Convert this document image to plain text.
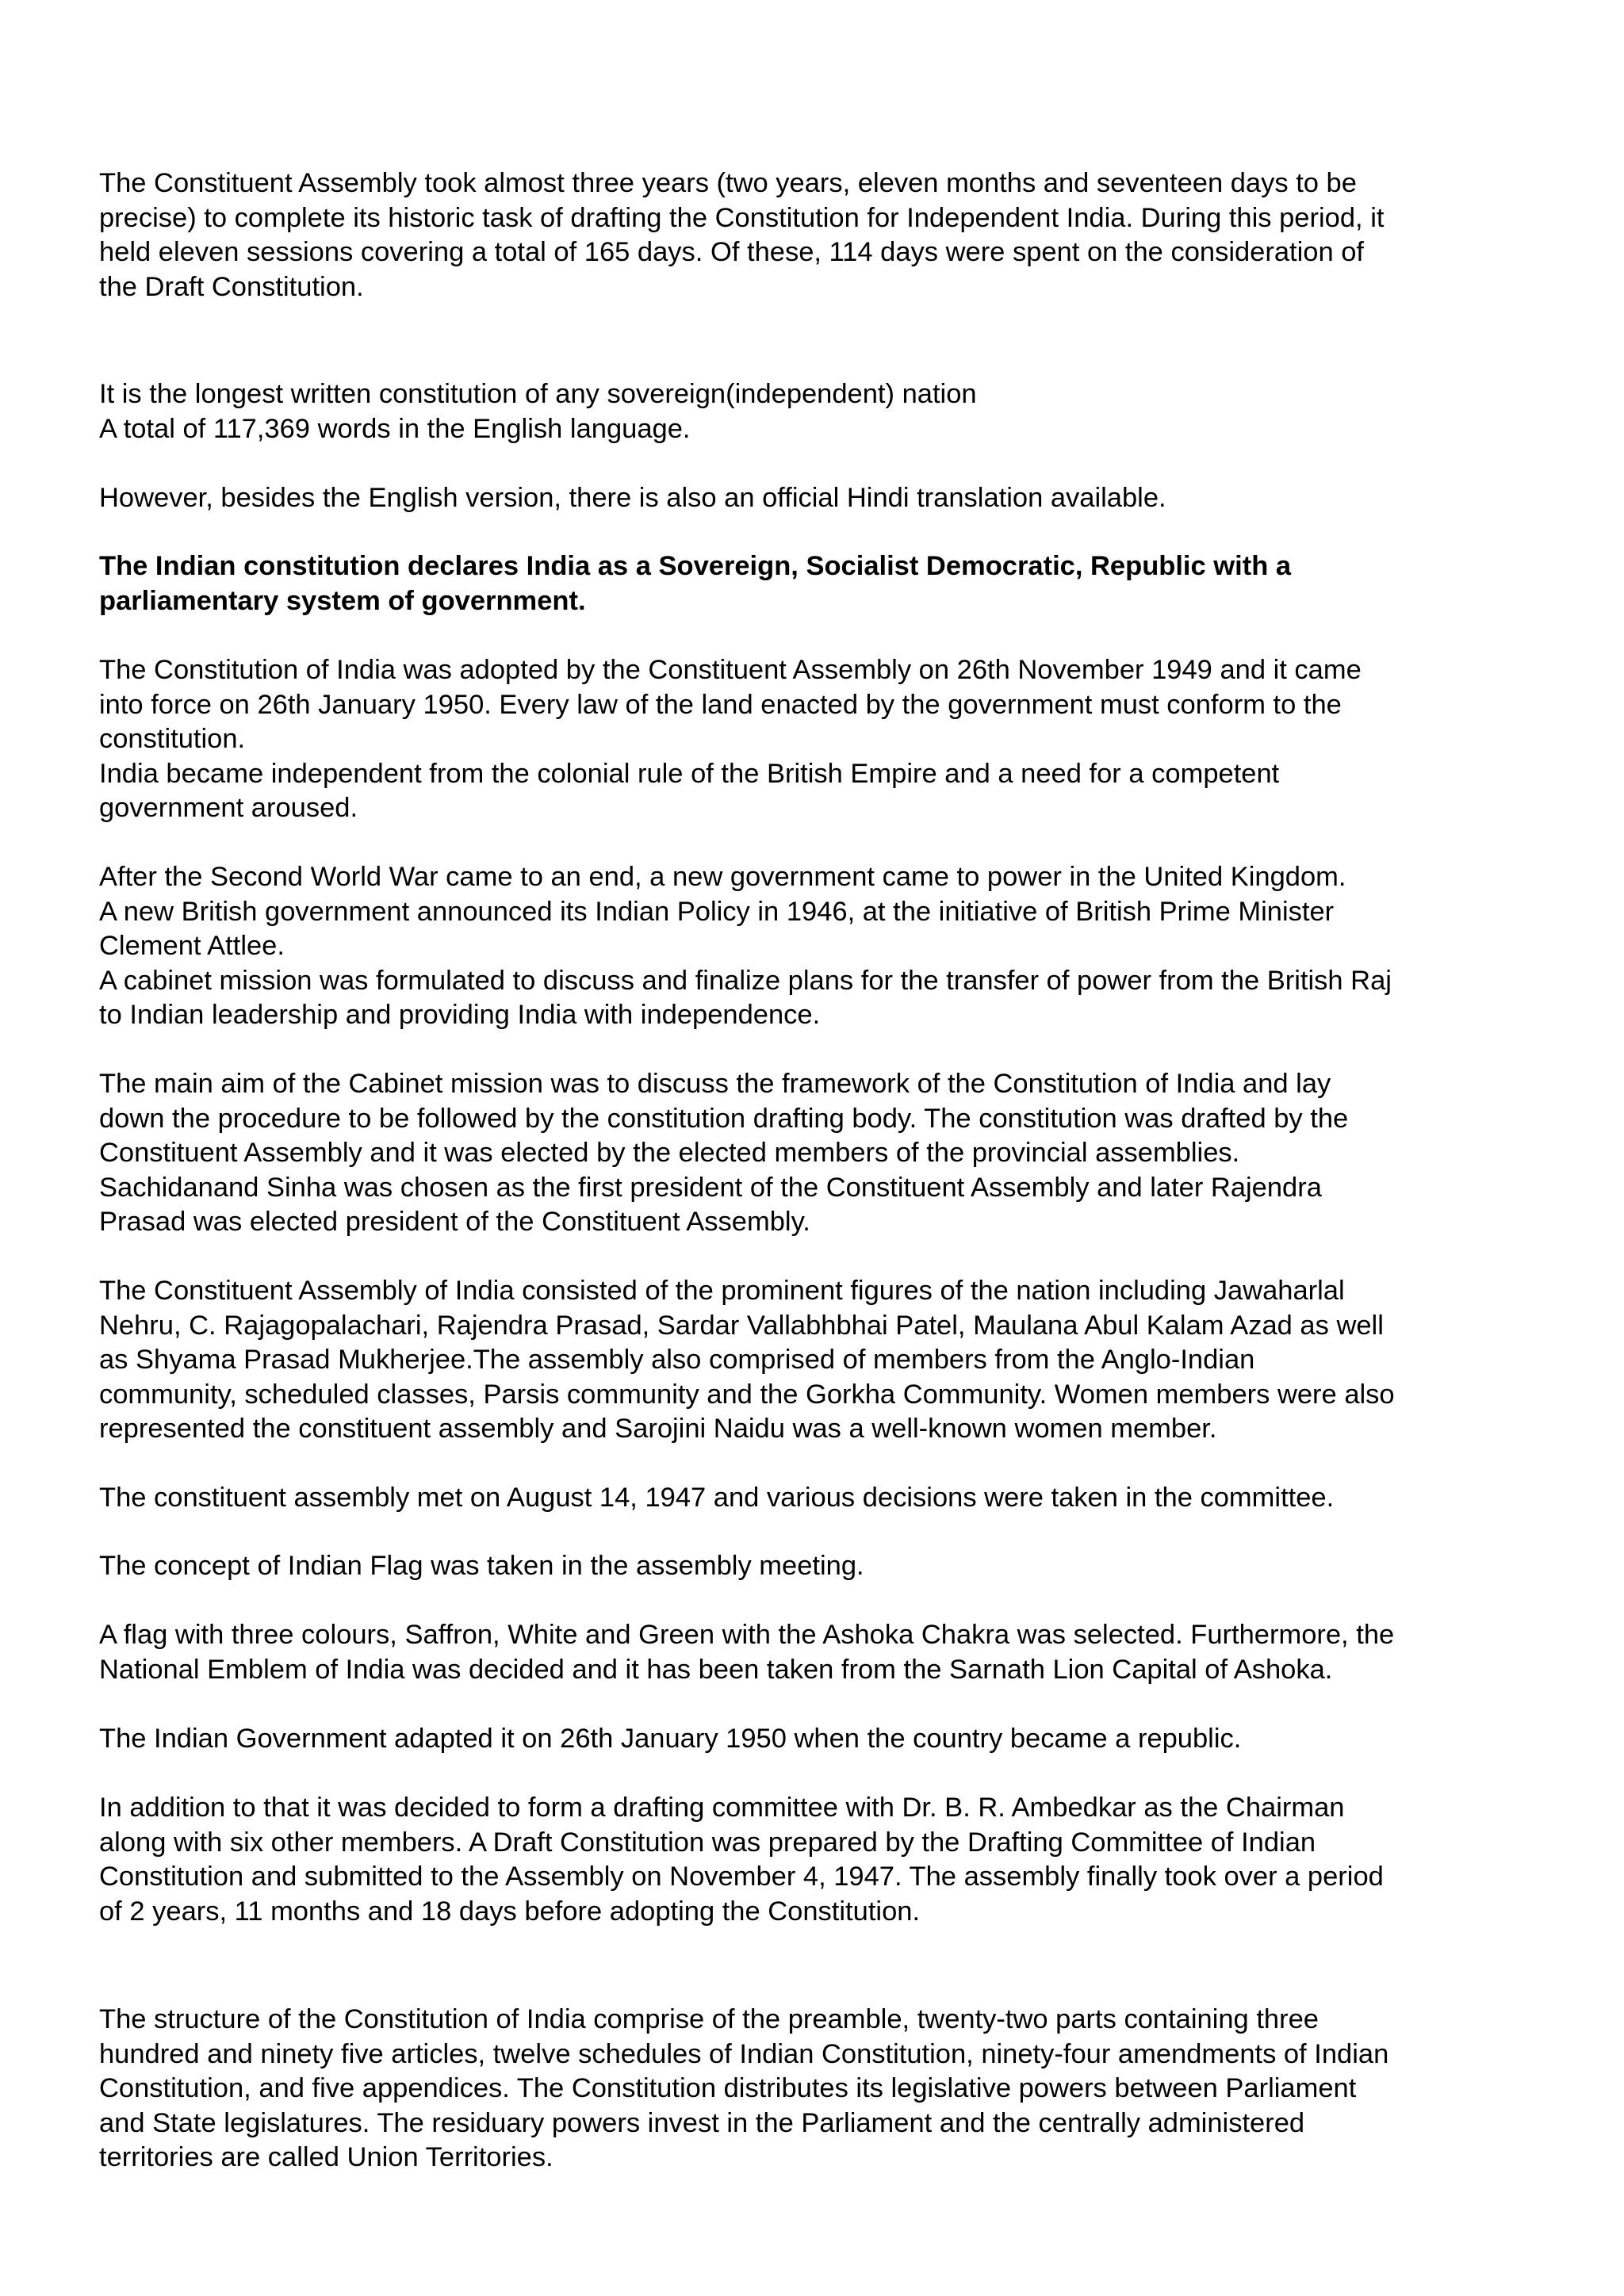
The Constituent Assembly took almost three years (two years, eleven months and seventeen days to be
precise) to complete its historic task of drafting the Constitution for Independent India. During this period, it
held eleven sessions covering a total of 165 days. Of these, 114 days were spent on the consideration of
the Draft Constitution.
It is the longest written constitution of any sovereign(independent) nation
A total of 117,369 words in the English language.
However, besides the English version, there is also an official Hindi translation available.
The Indian constitution declares India as a Sovereign, Socialist Democratic, Republic with a
parliamentary system of government.
The Constitution of India was adopted by the Constituent Assembly on 26th November 1949 and it came
into force on 26th January 1950. Every law of the land enacted by the government must conform to the
constitution.
India became independent from the colonial rule of the British Empire and a need for a competent
government aroused.
After the Second World War came to an end, a new government came to power in the United Kingdom.
A new British government announced its Indian Policy in 1946, at the initiative of British Prime Minister
Clement Attlee.
A cabinet mission was formulated to discuss and finalize plans for the transfer of power from the British Raj
to Indian leadership and providing India with independence.
The main aim of the Cabinet mission was to discuss the framework of the Constitution of India and lay
down the procedure to be followed by the constitution drafting body. The constitution was drafted by the
Constituent Assembly and it was elected by the elected members of the provincial assemblies.
Sachidanand Sinha was chosen as the first president of the Constituent Assembly and later Rajendra
Prasad was elected president of the Constituent Assembly.
The Constituent Assembly of India consisted of the prominent figures of the nation including Jawaharlal
Nehru, C. Rajagopalachari, Rajendra Prasad, Sardar Vallabhbhai Patel, Maulana Abul Kalam Azad as well
as Shyama Prasad Mukherjee.The assembly also comprised of members from the Anglo-Indian
community, scheduled classes, Parsis community and the Gorkha Community. Women members were also
represented the constituent assembly and Sarojini Naidu was a well-known women member.
The constituent assembly met on August 14, 1947 and various decisions were taken in the committee.
The concept of Indian Flag was taken in the assembly meeting.
A flag with three colours, Saffron, White and Green with the Ashoka Chakra was selected. Furthermore, the
National Emblem of India was decided and it has been taken from the Sarnath Lion Capital of Ashoka.
The Indian Government adapted it on 26th January 1950 when the country became a republic.
In addition to that it was decided to form a drafting committee with Dr. B. R. Ambedkar as the Chairman
along with six other members. A Draft Constitution was prepared by the Drafting Committee of Indian
Constitution and submitted to the Assembly on November 4, 1947. The assembly finally took over a period
of 2 years, 11 months and 18 days before adopting the Constitution.
The structure of the Constitution of India comprise of the preamble, twenty-two parts containing three
hundred and ninety five articles, twelve schedules of Indian Constitution, ninety-four amendments of Indian
Constitution, and five appendices. The Constitution distributes its legislative powers between Parliament
and State legislatures. The residuary powers invest in the Parliament and the centrally administered
territories are called Union Territories.
